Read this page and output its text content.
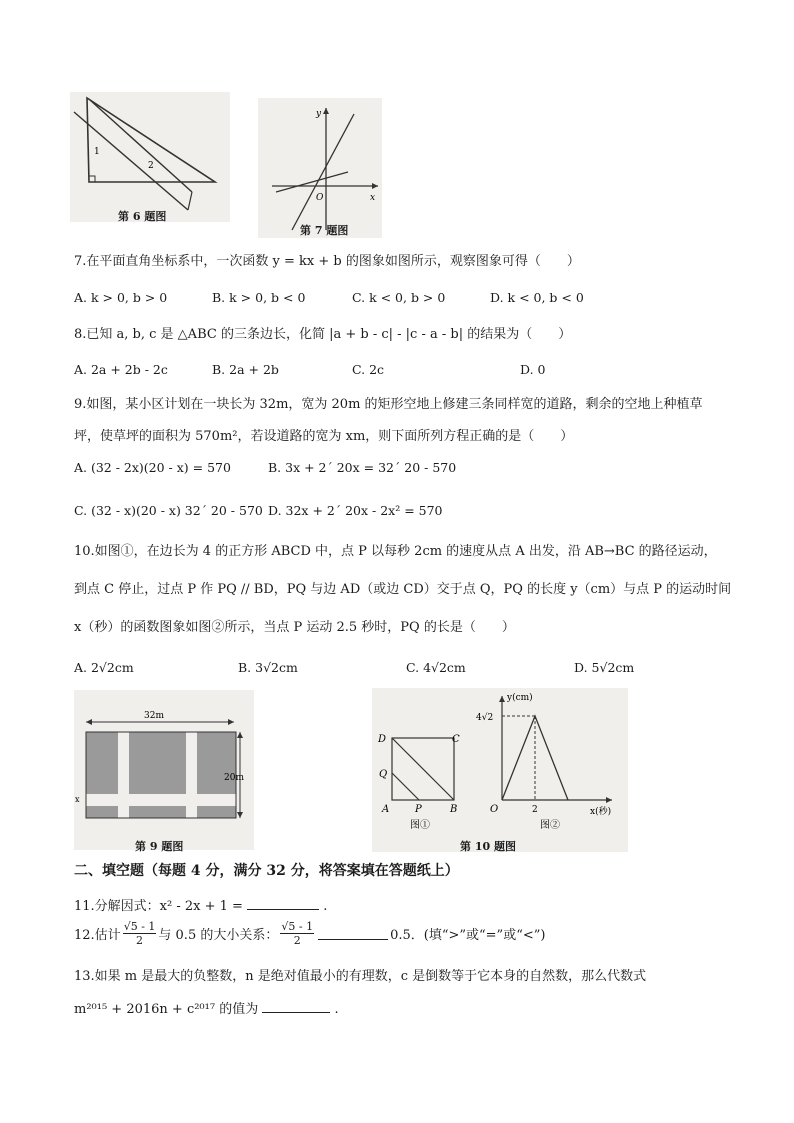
1
2
第 6 题图
y
x
O
第 7 题图
7.在平面直角坐标系中，一次函数 y = kx + b 的图象如图所示，观察图象可得（　　）
A. k > 0, b > 0	B. k > 0, b < 0	C. k < 0, b > 0	D. k < 0, b < 0
8.已知 a, b, c 是 △ABC 的三条边长，化简 |a + b - c| - |c - a - b| 的结果为（　　）
A. 2a + 2b - 2c	B. 2a + 2b	C. 2c	D. 0
9.如图，某小区计划在一块长为 32m，宽为 20m 的矩形空地上修建三条同样宽的道路，剩余的空地上种植草
坪，使草坪的面积为 570m²，若设道路的宽为 xm，则下面所列方程正确的是（　　）
A. (32 - 2x)(20 - x) = 570	B. 3x + 2´ 20x = 32´ 20 - 570
C. (32 - x)(20 - x) 32´ 20 - 570 D. 32x + 2´ 20x - 2x² = 570
10.如图①，在边长为 4 的正方形 ABCD 中，点 P 以每秒 2cm 的速度从点 A 出发，沿 AB→BC 的路径运动，
到点 C 停止，过点 P 作 PQ // BD，PQ 与边 AD（或边 CD）交于点 Q，PQ 的长度 y（cm）与点 P 的运动时间
x（秒）的函数图象如图②所示，当点 P 运动 2.5 秒时，PQ 的长是（　　）
A. 2√2cm	B. 3√2cm	C. 4√2cm	D. 5√2cm
32m
20m
x
第 9 题图
D	C
Q
A	P	B
图①
y(cm)
x(秒)
4√2
O	2
图②
第 10 题图
二、填空题（每题 4 分，满分 32 分，将答案填在答题纸上）
11.分解因式：x² - 2x + 1 =	.
12.估计 $\frac{√5 - 1}{2}$ 与 0.5 的大小关系： $\frac{√5 - 1}{2}$	0.5．(填“>”或“=”或“<”)
13.如果 m 是最大的负整数，n 是绝对值最小的有理数，c 是倒数等于它本身的自然数，那么代数式
m²⁰¹⁵ + 2016n + c²⁰¹⁷ 的值为	.
